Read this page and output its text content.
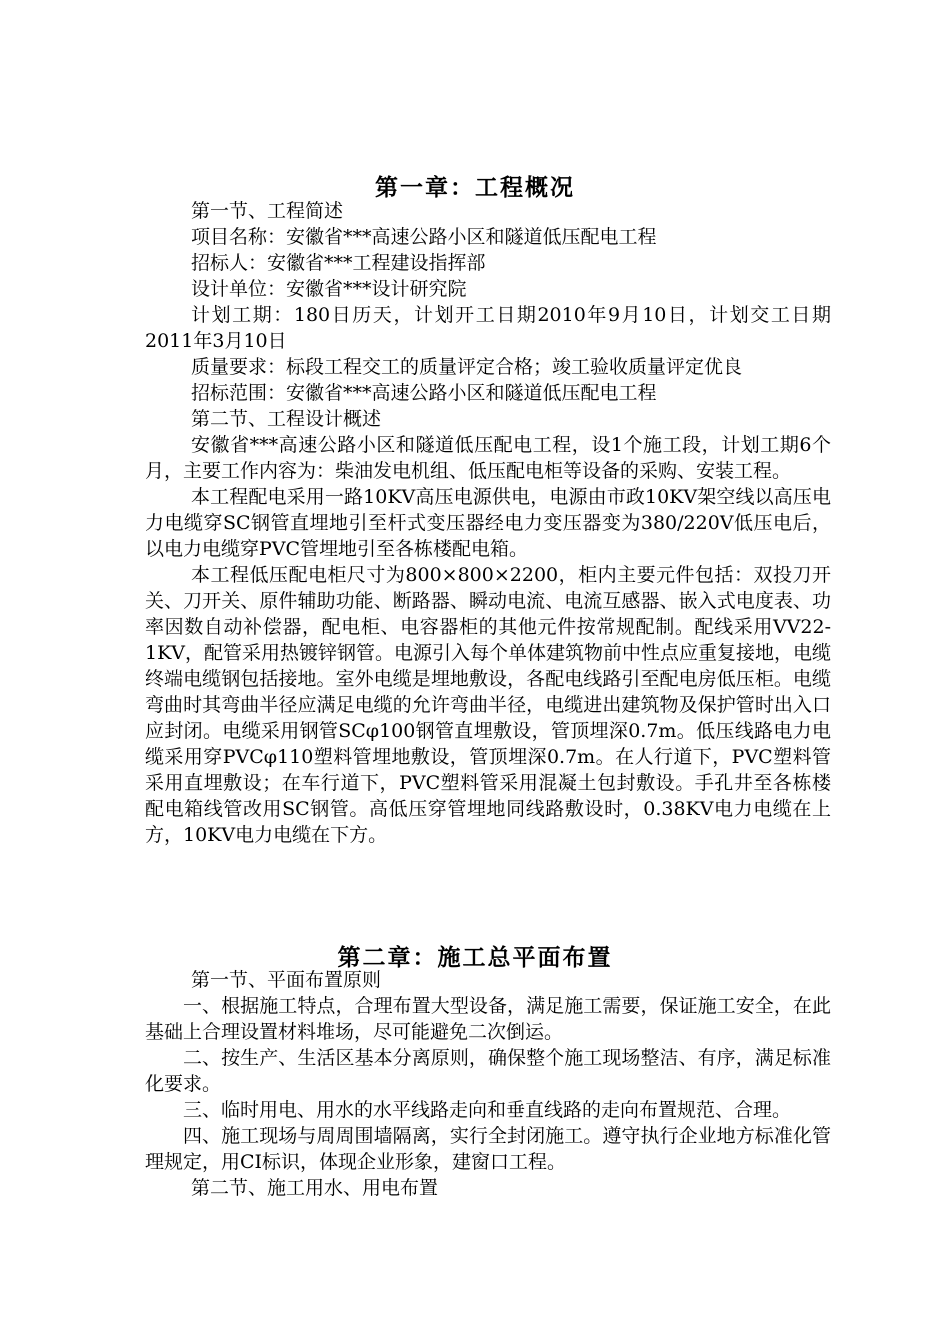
第一章：工程概况

第一节、工程简述

项目名称：安徽省***高速公路小区和隧道低压配电工程

招标人：安徽省***工程建设指挥部

设计单位：安徽省***设计研究院

计划工期：180日历天，计划开工日期2010年9月10日，计划交工日期2011年3月10日

质量要求：标段工程交工的质量评定合格；竣工验收质量评定优良

招标范围：安徽省***高速公路小区和隧道低压配电工程

第二节、工程设计概述

安徽省***高速公路小区和隧道低压配电工程，设1个施工段，计划工期6个月，主要工作内容为：柴油发电机组、低压配电柜等设备的采购、安装工程。

本工程配电采用一路10KV高压电源供电，电源由市政10KV架空线以高压电力电缆穿SC钢管直埋地引至杆式变压器经电力变压器变为380/220V低压电后，以电力电缆穿PVC管埋地引至各栋楼配电箱。

本工程低压配电柜尺寸为800×800×2200，柜内主要元件包括：双投刀开关、刀开关、原件辅助功能、断路器、瞬动电流、电流互感器、嵌入式电度表、功率因数自动补偿器，配电柜、电容器柜的其他元件按常规配制。配线采用VV22-1KV，配管采用热镀锌钢管。电源引入每个单体建筑物前中性点应重复接地，电缆终端电缆钢包括接地。室外电缆是埋地敷设，各配电线路引至配电房低压柜。电缆弯曲时其弯曲半径应满足电缆的允许弯曲半径，电缆进出建筑物及保护管时出入口应封闭。电缆采用钢管SCφ100钢管直埋敷设，管顶埋深0.7m。低压线路电力电缆采用穿PVCφ110塑料管埋地敷设，管顶埋深0.7m。在人行道下，PVC塑料管采用直埋敷设；在车行道下，PVC塑料管采用混凝土包封敷设。手孔井至各栋楼配电箱线管改用SC钢管。高低压穿管埋地同线路敷设时，0.38KV电力电缆在上方，10KV电力电缆在下方。

第二章：施工总平面布置

第一节、平面布置原则

一、根据施工特点，合理布置大型设备，满足施工需要，保证施工安全，在此基础上合理设置材料堆场，尽可能避免二次倒运。

二、按生产、生活区基本分离原则，确保整个施工现场整洁、有序，满足标准化要求。

三、临时用电、用水的水平线路走向和垂直线路的走向布置规范、合理。

四、施工现场与周周围墙隔离，实行全封闭施工。遵守执行企业地方标准化管理规定，用CI标识，体现企业形象，建窗口工程。

第二节、施工用水、用电布置
